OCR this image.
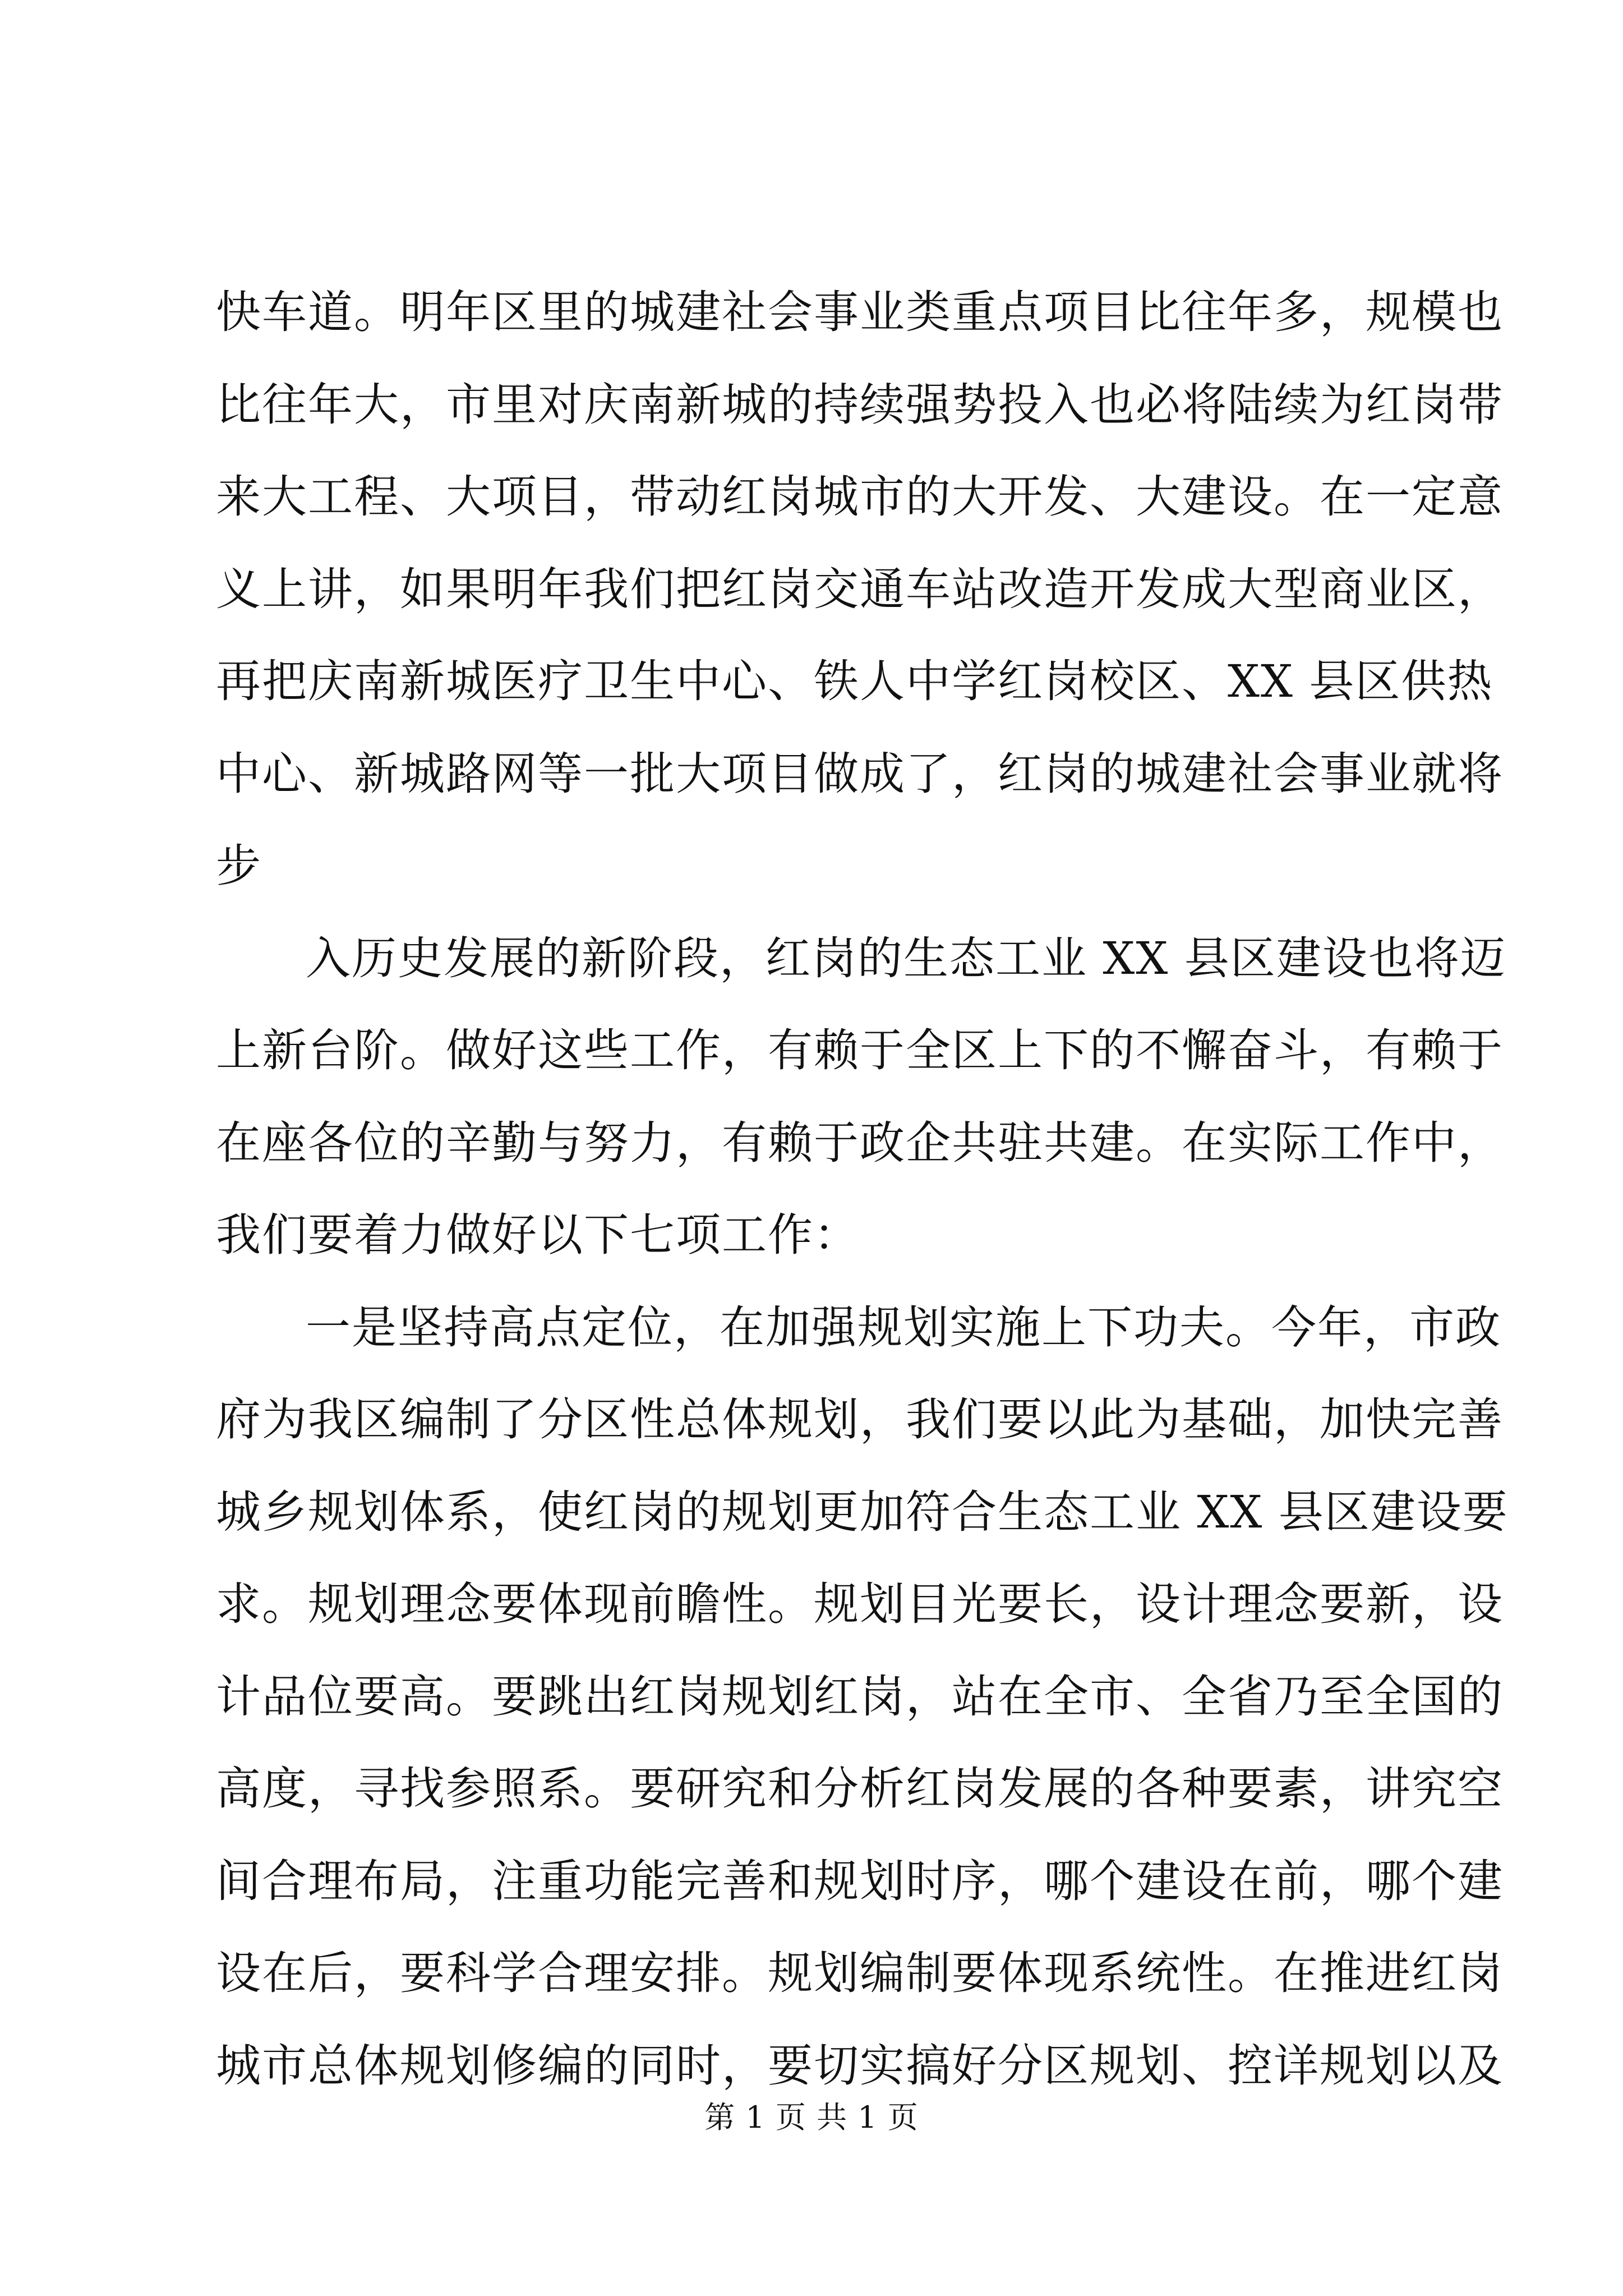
快车道。明年区里的城建社会事业类重点项目比往年多，规模也
比往年大，市里对庆南新城的持续强势投入也必将陆续为红岗带
来大工程、大项目，带动红岗城市的大开发、大建设。在一定意
义上讲，如果明年我们把红岗交通车站改造开发成大型商业区，
再把庆南新城医疗卫生中心、铁人中学红岗校区、XX 县区供热
中心、新城路网等一批大项目做成了，红岗的城建社会事业就将
步
入历史发展的新阶段，红岗的生态工业 XX 县区建设也将迈
上新台阶。做好这些工作，有赖于全区上下的不懈奋斗，有赖于
在座各位的辛勤与努力，有赖于政企共驻共建。在实际工作中，
我们要着力做好以下七项工作：
一是坚持高点定位，在加强规划实施上下功夫。今年，市政
府为我区编制了分区性总体规划，我们要以此为基础，加快完善
城乡规划体系，使红岗的规划更加符合生态工业 XX 县区建设要
求。规划理念要体现前瞻性。规划目光要长，设计理念要新，设
计品位要高。要跳出红岗规划红岗，站在全市、全省乃至全国的
高度，寻找参照系。要研究和分析红岗发展的各种要素，讲究空
间合理布局，注重功能完善和规划时序，哪个建设在前，哪个建
设在后，要科学合理安排。规划编制要体现系统性。在推进红岗
城市总体规划修编的同时，要切实搞好分区规划、控详规划以及
第 1 页 共 1 页
